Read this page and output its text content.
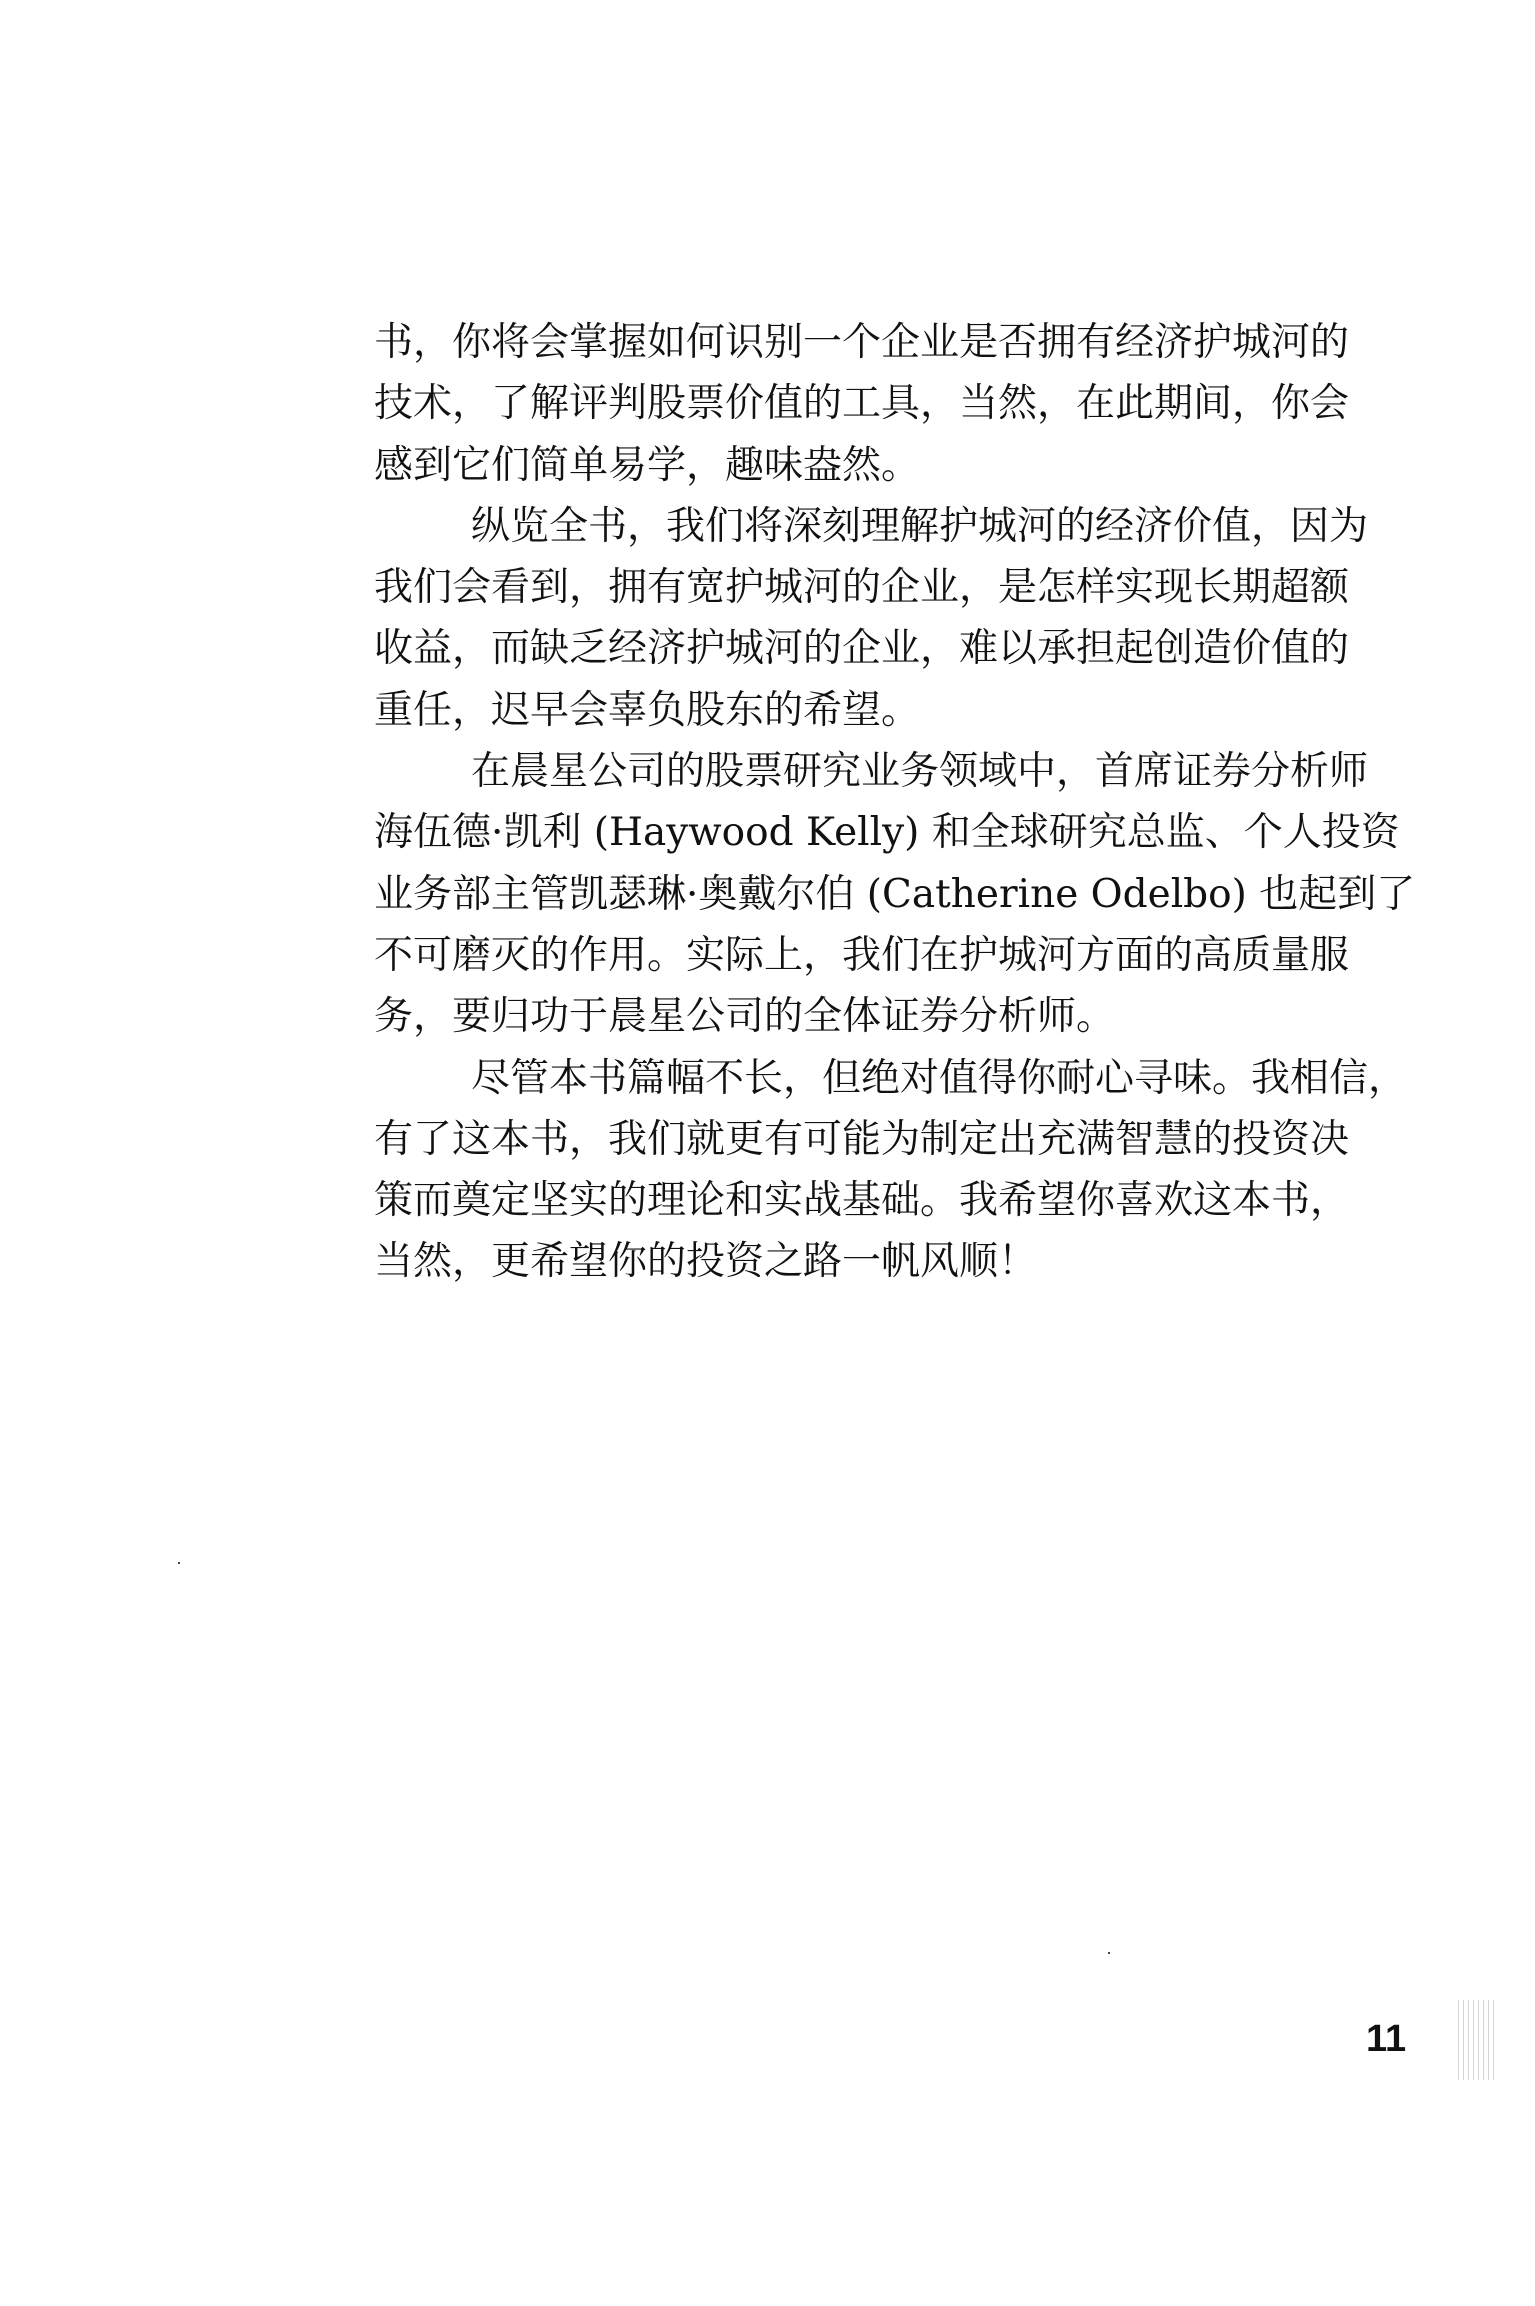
书，你将会掌握如何识别一个企业是否拥有经济护城河的
技术，了解评判股票价值的工具，当然，在此期间，你会
感到它们简单易学，趣味盎然。
纵览全书，我们将深刻理解护城河的经济价值，因为
我们会看到，拥有宽护城河的企业，是怎样实现长期超额
收益，而缺乏经济护城河的企业，难以承担起创造价值的
重任，迟早会辜负股东的希望。
在晨星公司的股票研究业务领域中，首席证券分析师
海伍德·凯利 (Haywood Kelly) 和全球研究总监、个人投资
业务部主管凯瑟琳·奥戴尔伯 (Catherine Odelbo) 也起到了
不可磨灭的作用。实际上，我们在护城河方面的高质量服
务，要归功于晨星公司的全体证券分析师。
尽管本书篇幅不长，但绝对值得你耐心寻味。我相信，
有了这本书，我们就更有可能为制定出充满智慧的投资决
策而奠定坚实的理论和实战基础。我希望你喜欢这本书，
当然，更希望你的投资之路一帆风顺！
11
